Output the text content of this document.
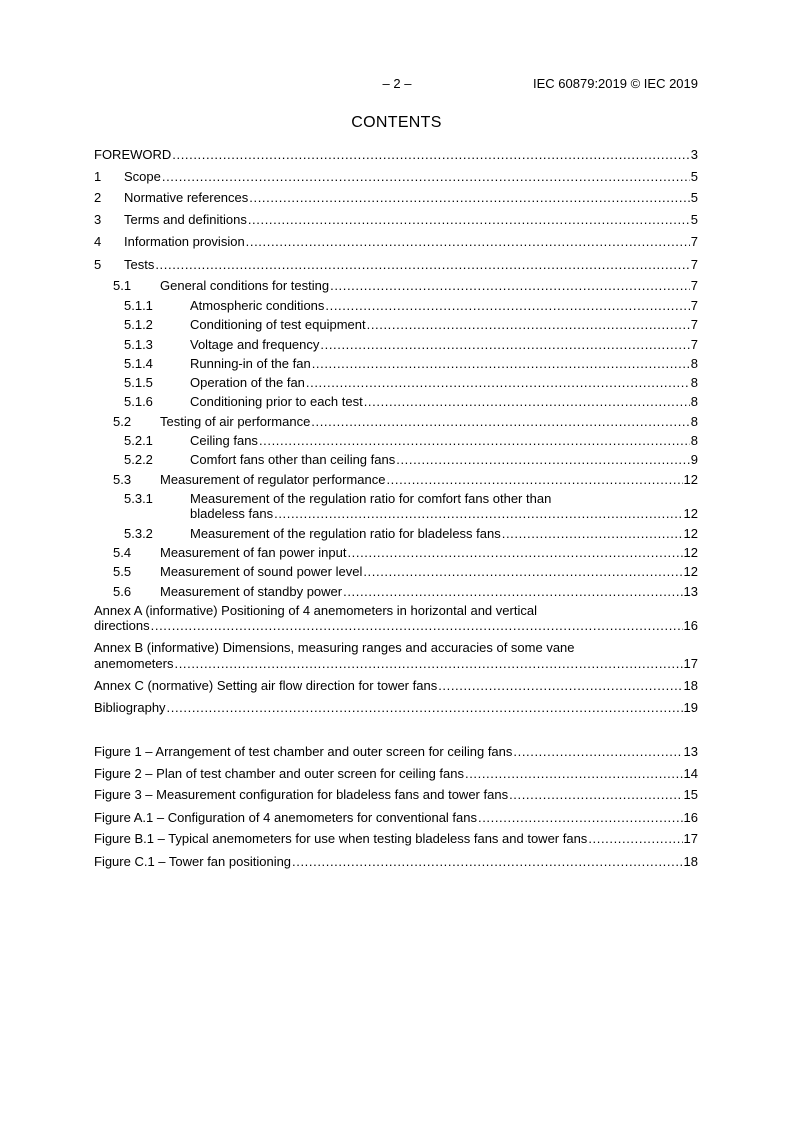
– 2 –	IEC 60879:2019 © IEC 2019
CONTENTS
FOREWORD .....	3
1	Scope .....	5
2	Normative references .....	5
3	Terms and definitions .....	5
4	Information provision .....	7
5	Tests .....	7
5.1	General conditions for testing .....	7
5.1.1	Atmospheric conditions .....	7
5.1.2	Conditioning of test equipment .....	7
5.1.3	Voltage and frequency .....	7
5.1.4	Running-in of the fan .....	8
5.1.5	Operation of the fan .....	8
5.1.6	Conditioning prior to each test .....	8
5.2	Testing of air performance .....	8
5.2.1	Ceiling fans .....	8
5.2.2	Comfort fans other than ceiling fans .....	9
5.3	Measurement of regulator performance .....	12
5.3.1	Measurement of the regulation ratio for comfort fans other than
bladeless fans .....	12
5.3.2	Measurement of the regulation ratio for bladeless fans .....	12
5.4	Measurement of fan power input .....	12
5.5	Measurement of sound power level .....	12
5.6	Measurement of standby power .....	13
Annex A (informative) Positioning of 4 anemometers in horizontal and vertical
directions .....	16
Annex B (informative) Dimensions, measuring ranges and accuracies of some vane
anemometers .....	17
Annex C (normative) Setting air flow direction for tower fans .....	18
Bibliography .....	19
Figure 1 – Arrangement of test chamber and outer screen for ceiling fans .....	13
Figure 2 – Plan of test chamber and outer screen for ceiling fans .....	14
Figure 3 – Measurement configuration for bladeless fans and tower fans .....	15
Figure A.1 – Configuration of 4 anemometers for conventional fans .....	16
Figure B.1 – Typical anemometers for use when testing bladeless fans and tower fans .....	17
Figure C.1 – Tower fan positioning .....	18
